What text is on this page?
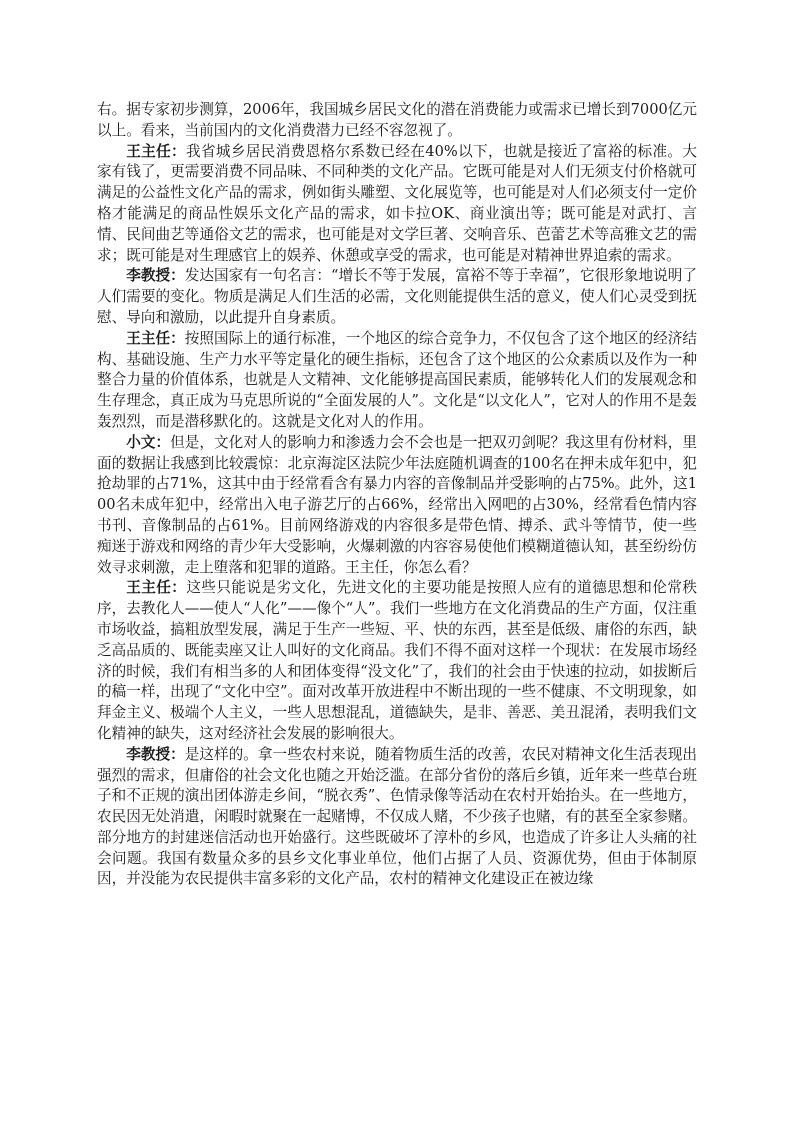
右。据专家初步测算，2006年，我国城乡居民文化的潜在消费能力或需求已增长到7000亿元以上。看来，当前国内的文化消费潜力已经不容忽视了。

王主任：我省城乡居民消费恩格尔系数已经在40%以下，也就是接近了富裕的标准。大家有钱了，更需要消费不同品味、不同种类的文化产品。它既可能是对人们无须支付价格就可满足的公益性文化产品的需求，例如街头雕塑、文化展览等，也可能是对人们必须支付一定价格才能满足的商品性娱乐文化产品的需求，如卡拉OK、商业演出等；既可能是对武打、言情、民间曲艺等通俗文艺的需求，也可能是对文学巨著、交响音乐、芭蕾艺术等高雅文艺的需求；既可能是对生理感官上的娱养、休憩或享受的需求，也可能是对精神世界追索的需求。

李教授：发达国家有一句名言：“增长不等于发展，富裕不等于幸福”，它很形象地说明了人们需要的变化。物质是满足人们生活的必需，文化则能提供生活的意义，使人们心灵受到抚慰、导向和激励，以此提升自身素质。

王主任：按照国际上的通行标准，一个地区的综合竞争力，不仅包含了这个地区的经济结构、基础设施、生产力水平等定量化的硬生指标，还包含了这个地区的公众素质以及作为一种整合力量的价值体系，也就是人文精神、文化能够提高国民素质，能够转化人们的发展观念和生存理念，真正成为马克思所说的“全面发展的人”。文化是“以文化人”，它对人的作用不是轰轰烈烈，而是潜移默化的。这就是文化对人的作用。

小文：但是，文化对人的影响力和渗透力会不会也是一把双刃剑呢？我这里有份材料，里面的数据让我感到比较震惊：北京海淀区法院少年法庭随机调查的100名在押未成年犯中，犯抢劫罪的占71%，这其中由于经常看含有暴力内容的音像制品并受影响的占75%。此外，这100名未成年犯中，经常出入电子游艺厅的占66%，经常出入网吧的占30%，经常看色情内容书刊、音像制品的占61%。目前网络游戏的内容很多是带色情、搏杀、武斗等情节，使一些痴迷于游戏和网络的青少年大受影响，火爆刺激的内容容易使他们模糊道德认知，甚至纷纷仿效寻求刺激，走上堕落和犯罪的道路。王主任，你怎么看？

王主任：这些只能说是劣文化，先进文化的主要功能是按照人应有的道德思想和伦常秩序，去教化人——使人“人化”——像个“人”。我们一些地方在文化消费品的生产方面，仅注重市场收益，搞粗放型发展，满足于生产一些短、平、快的东西，甚至是低级、庸俗的东西，缺乏高品质的、既能卖座又让人叫好的文化商品。我们不得不面对这样一个现状：在发展市场经济的时候，我们有相当多的人和团体变得“没文化”了，我们的社会由于快速的拉动，如拔断后的稿一样，出现了“文化中空”。面对改革开放进程中不断出现的一些不健康、不文明现象，如拜金主义、极端个人主义，一些人思想混乱，道德缺失，是非、善恶、美丑混淆，表明我们文化精神的缺失，这对经济社会发展的影响很大。

李教授：是这样的。拿一些农村来说，随着物质生活的改善，农民对精神文化生活表现出强烈的需求，但庸俗的社会文化也随之开始泛滥。在部分省份的落后乡镇，近年来一些草台班子和不正规的演出团体游走乡间，“脱衣秀”、色情录像等活动在农村开始抬头。在一些地方，农民因无处消遣，闲暇时就聚在一起赌博，不仅成人赌，不少孩子也赌，有的甚至全家参赌。部分地方的封建迷信活动也开始盛行。这些既破坏了淳朴的乡风，也造成了许多让人头痛的社会问题。我国有数量众多的县乡文化事业单位，他们占据了人员、资源优势，但由于体制原因，并没能为农民提供丰富多彩的文化产品，农村的精神文化建设正在被边缘
